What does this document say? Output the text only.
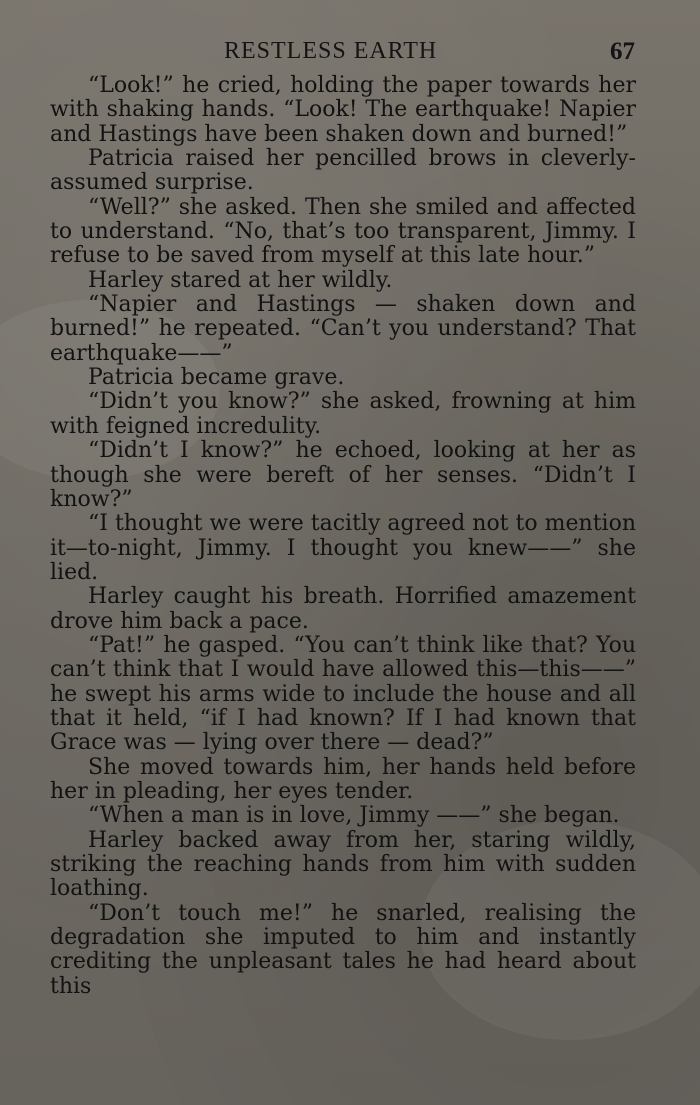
RESTLESS EARTH	67

“Look!” he cried, holding the paper towards her with shaking hands. “Look! The earthquake! Napier and Hastings have been shaken down and burned!”

Patricia raised her pencilled brows in cleverly-assumed surprise.

“Well?” she asked. Then she smiled and affected to understand. “No, that’s too transparent, Jimmy. I refuse to be saved from myself at this late hour.”

Harley stared at her wildly.

“Napier and Hastings — shaken down and burned!” he repeated. “Can’t you understand? That earthquake——”

Patricia became grave.

“Didn’t you know?” she asked, frowning at him with feigned incredulity.

“Didn’t I know?” he echoed, looking at her as though she were bereft of her senses. “Didn’t I know?”

“I thought we were tacitly agreed not to mention it—to-night, Jimmy. I thought you knew——” she lied.

Harley caught his breath. Horrified amazement drove him back a pace.

“Pat!” he gasped. “You can’t think like that? You can’t think that I would have allowed this—this——” he swept his arms wide to include the house and all that it held, “if I had known? If I had known that Grace was — lying over there — dead?”

She moved towards him, her hands held before her in pleading, her eyes tender.

“When a man is in love, Jimmy ——” she began.

Harley backed away from her, staring wildly, striking the reaching hands from him with sudden loathing.

“Don’t touch me!” he snarled, realising the degradation she imputed to him and instantly crediting the unpleasant tales he had heard about this
